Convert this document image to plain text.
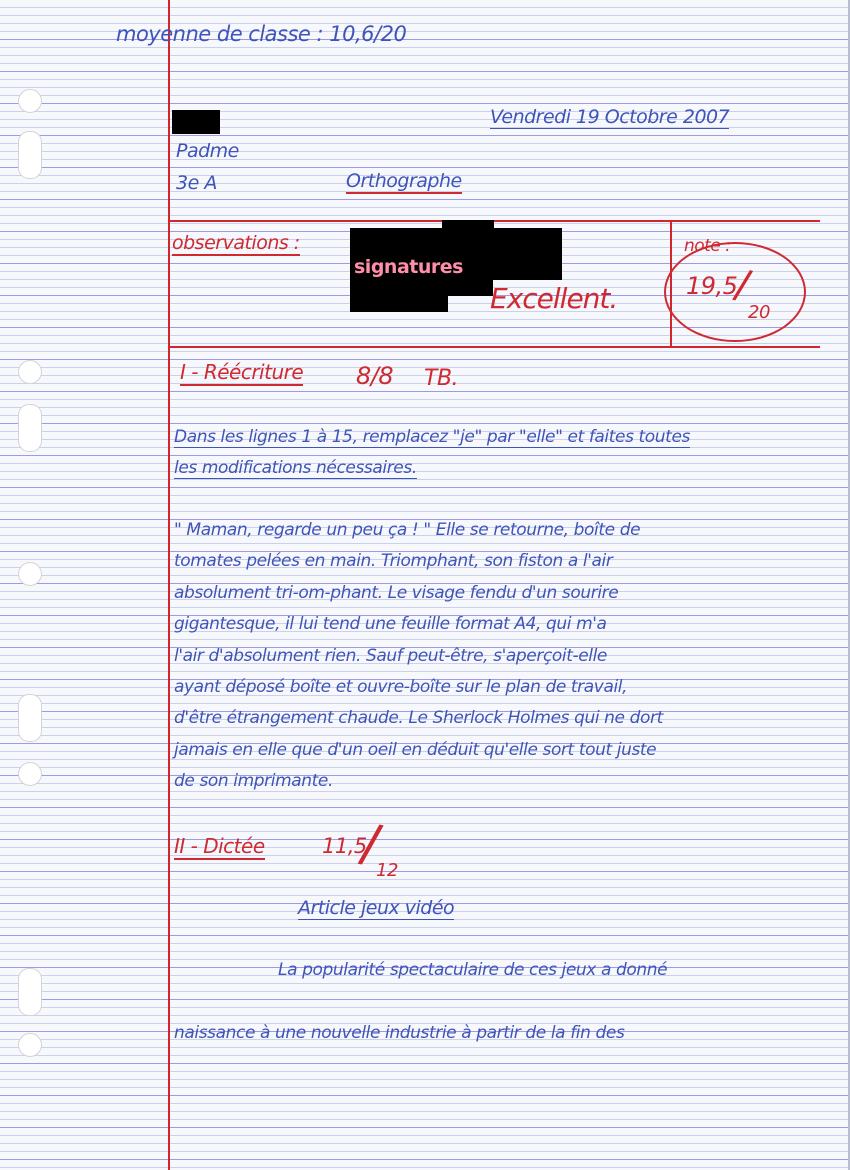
moyenne de classe : 10,6/20
Padme
3e A
Vendredi 19 Octobre 2007
Orthographe
observations :
signatures
Excellent.
note :
19,5
/
20
I - Réécriture 8/8 TB.
Dans les lignes 1 à 15, remplacez "je" par "elle" et faites toutes
les modifications nécessaires.
" Maman, regarde un peu ça ! " Elle se retourne, boîte de
tomates pelées en main. Triomphant, son fiston a l'air
absolument tri-om-phant. Le visage fendu d'un sourire
gigantesque, il lui tend une feuille format A4, qui m'a
l'air d'absolument rien. Sauf peut-être, s'aperçoit-elle
ayant déposé boîte et ouvre-boîte sur le plan de travail,
d'être étrangement chaude. Le Sherlock Holmes qui ne dort
jamais en elle que d'un oeil en déduit qu'elle sort tout juste
de son imprimante.
II - Dictée	11,5
/
12
Article jeux vidéo
La popularité spectaculaire de ces jeux a donné
naissance à une nouvelle industrie à partir de la fin des
